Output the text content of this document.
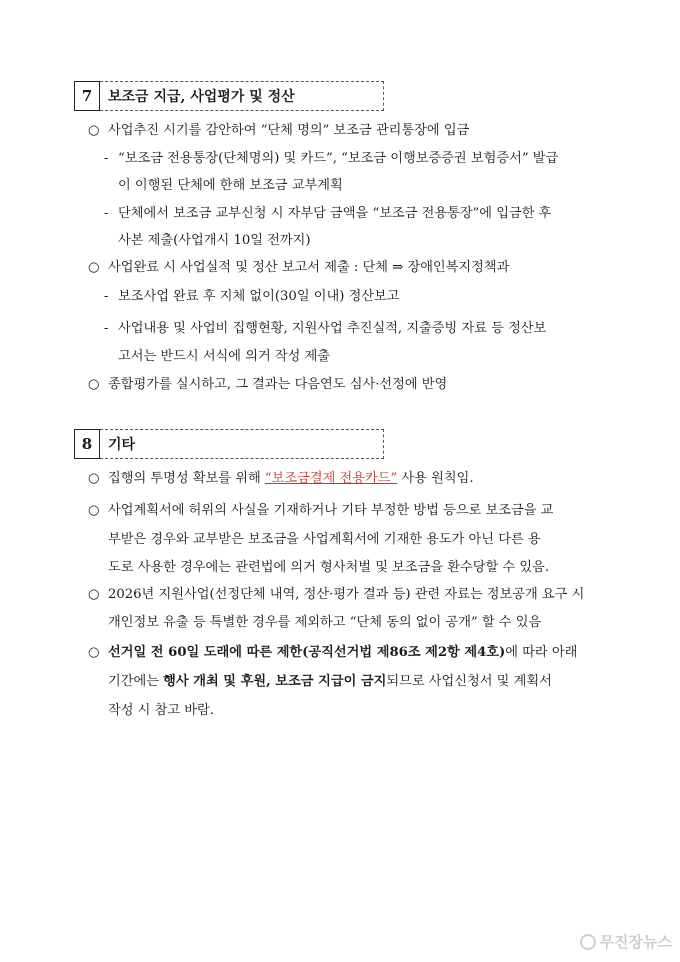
7	보조금 지급, 사업평가 및 정산
○ 사업추진 시기를 감안하여 “단체 명의” 보조금 관리통장에 입금
- “보조금 전용통장(단체명의) 및 카드”, “보조금 이행보증증권 보험증서” 발급
이 이행된 단체에 한해 보조금 교부계획
- 단체에서 보조금 교부신청 시 자부담 금액을 “보조금 전용통장”에 입금한 후
사본 제출(사업개시 10일 전까지)
○ 사업완료 시 사업실적 및 정산 보고서 제출 : 단체 ⇒ 장애인복지정책과
- 보조사업 완료 후 지체 없이(30일 이내) 정산보고
- 사업내용 및 사업비 집행현황, 지원사업 추진실적, 지출증빙 자료 등 정산보
고서는 반드시 서식에 의거 작성 제출
○ 종합평가를 실시하고, 그 결과는 다음연도 심사·선정에 반영
8	기타
○ 집행의 투명성 확보를 위해 “보조금결제 전용카드” 사용 원칙임.
○ 사업계획서에 허위의 사실을 기재하거나 기타 부정한 방법 등으로 보조금을 교
부받은 경우와 교부받은 보조금을 사업계획서에 기재한 용도가 아닌 다른 용
도로 사용한 경우에는 관련법에 의거 형사처벌 및 보조금을 환수당할 수 있음.
○ 2026년 지원사업(선정단체 내역, 정산·평가 결과 등) 관련 자료는 정보공개 요구 시
개인정보 유출 등 특별한 경우를 제외하고 “단체 동의 없이 공개” 할 수 있음
○ 선거일 전 60일 도래에 따른 제한(공직선거법 제86조 제2항 제4호)에 따라 아래
기간에는 행사 개최 및 후원, 보조금 지급이 금지되므로 사업신청서 및 계획서
작성 시 참고 바람.
무진장뉴스
